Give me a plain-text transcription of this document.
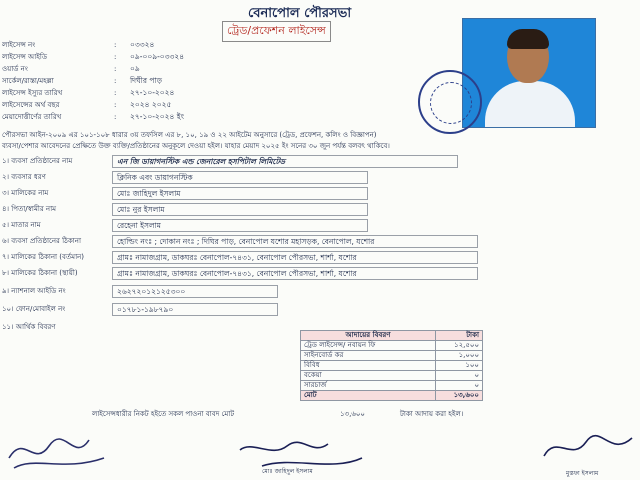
বেনাপোল পৌরসভা
ট্রেড/প্রফেশন লাইসেন্স
লাইসেন্স নং	: ০৩৩২৪
লাইসেন্স আইডি	: ০৯-০০৯-০৩৩২৪
ওয়ার্ড নং	: ০৯
সার্কেল/রাস্তা/মহল্লা	: দিঘীর পাড়
লাইসেন্স ইস্যুর তারিখ	: ২৭-১০-২০২৪
লাইসেন্সের অর্থ বছর	: ২০২৪ ২০২৫
মেয়াদোত্তীর্ণের তারিখ	: ২৭-১০-২০২৪ ইং
পৌরসভা আইন-২০০৯ এর ১০১-১০৮ ধারার ৩য় তফসিল এর ৮, ১০, ১৯ ও ২২ আইটেম অনুসারে (ট্রেড, প্রফেশন, কলিং ও বিজ্ঞাপন)
ব্যবসা/পেশার আবেদনের প্রেক্ষিতে উক্ত ব্যক্তি/প্রতিষ্ঠানের অনুকূলে দেওয়া হইল। যাহার মেয়াদ ২০২৫ ইং সনের ৩০ জুন পর্যন্ত বলবৎ থাকিবে।
১। ব্যবসা প্রতিষ্ঠানের নাম	এন জি ডায়াগনস্টিক এন্ড জেনারেল হসপিটাল লিমিটেড
২। ব্যবসার ধরণ	ক্লিনিক এবং ডায়াগনস্টিক
৩। মালিকের নাম	মোঃ জাহিদুল ইসলাম
৪। পিতা/স্বামীর নাম	মোঃ নুর ইসলাম
৫। মাতার নাম	রেহেনা ইসলাম
৬। ব্যবসা প্রতিষ্ঠানের ঠিকানা	হোল্ডিং নংঃ ; দোকান নংঃ ; দিঘির পাড়, বেনাপোল যশোর মহাসড়ক, বেনাপোল, যশোর
৭। মালিকের ঠিকানা (বর্তমান)	গ্রামঃ নামাজগ্রাম, ডাকঘরঃ বেনাপোল-৭৪৩১, বেনাপোল পৌরসভা, শার্শা, যশোর
৮। মালিকের ঠিকানা (স্থায়ী)	গ্রামঃ নামাজগ্রাম, ডাকঘরঃ বেনাপোল-৭৪৩১, বেনাপোল পৌরসভা, শার্শা, যশোর
৯। ন্যাশনাল আইডি নং	২৬২৭২০১২১২৫৩০০
১০। ফোন/মোবাইল নং	০১৭৮১-১৯৮৭৯০
১১। আর্থিক বিবরণ
আদায়ের বিবরণ	টাকা
ট্রেড লাইসেন্স/ নবায়ন ফি	১২,৫০০
সাইনবোর্ড কর	১,০০০
বিবিধ	১০০
বকেয়া	০
সারচার্জ	০
মোট	১৩,৬০০
লাইসেন্সধারীর নিকট হইতে সকল পাওনা বাবদ মোট	১৩,৬০০	টাকা আদায় করা হইল।
মোঃ জাহিদুল ইসলাম	মুস্তফা ইসলাম
